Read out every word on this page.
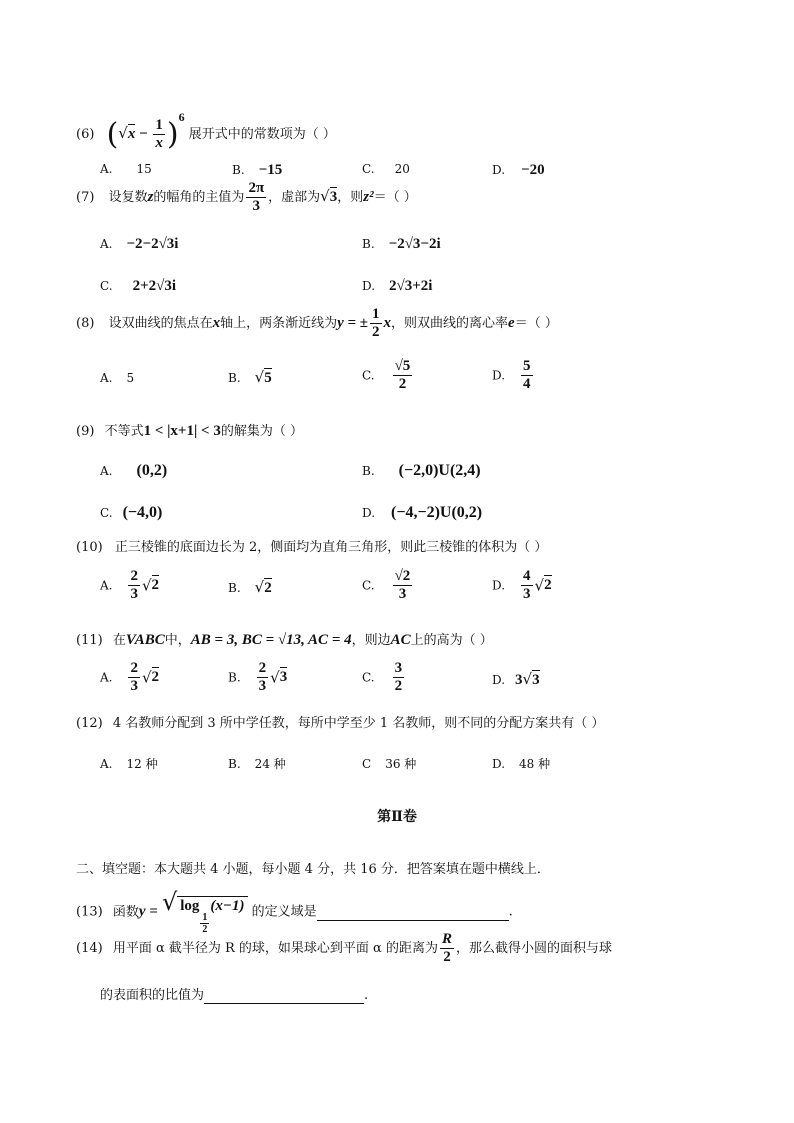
(6) $(√x - \frac{1}{x} )^6$ 展开式中的常数项为（ ）
A. 15	B. −15	C. 20	D. −20
(7) 设复数z的幅角的主值为 $\frac{2\pi}{3}$ ，虚部为√3，则z²＝（ ）
A. −2−2√3i	B. −2√3−2i
C. 2+2√3i	D. 2√3+2i
(8) 设双曲线的焦点在x轴上，两条渐近线为y = ± $\frac{1}{2}$ x，则双曲线的离心率e＝（ ）
A. 5	B. √5	C. $\frac{√5}{2}$	D. $\frac{5}{4}$
(9) 不等式1 < |x+1| < 3的解集为（ ）
A. (0,2)	B. (−2,0)U(2,4)
C. (−4,0)	D. (−4,−2)U(0,2)
(10) 正三棱锥的底面边长为 2，侧面均为直角三角形，则此三棱锥的体积为（ ）
A. $\frac{2}{3} √2$	B. √2	C. $\frac{√2}{3}$	D. $\frac{4}{3} √2$
(11) 在VABC中，AB = 3, BC = √13, AC = 4，则边AC上的高为（ ）
A. $\frac{2}{3} √2$	B. $\frac{2}{3} √3$	C. $\frac{3}{2}$	D. 3√3
(12) 4 名教师分配到 3 所中学任教，每所中学至少 1 名教师，则不同的分配方案共有（ ）
A. 12 种	B. 24 种	C 36 种	D. 48 种
第Ⅱ卷
二、填空题：本大题共 4 小题，每小题 4 分，共 16 分．把答案填在题中横线上．
(13) 函数y = √ log
$\frac{1}{2}$
(x−1) 的定义域是	.
(14) 用平面 α 截半径为 R 的球，如果球心到平面 α 的距离为 $\frac{R}{2}$ ，那么截得小圆的面积与球
的表面积的比值为	.
